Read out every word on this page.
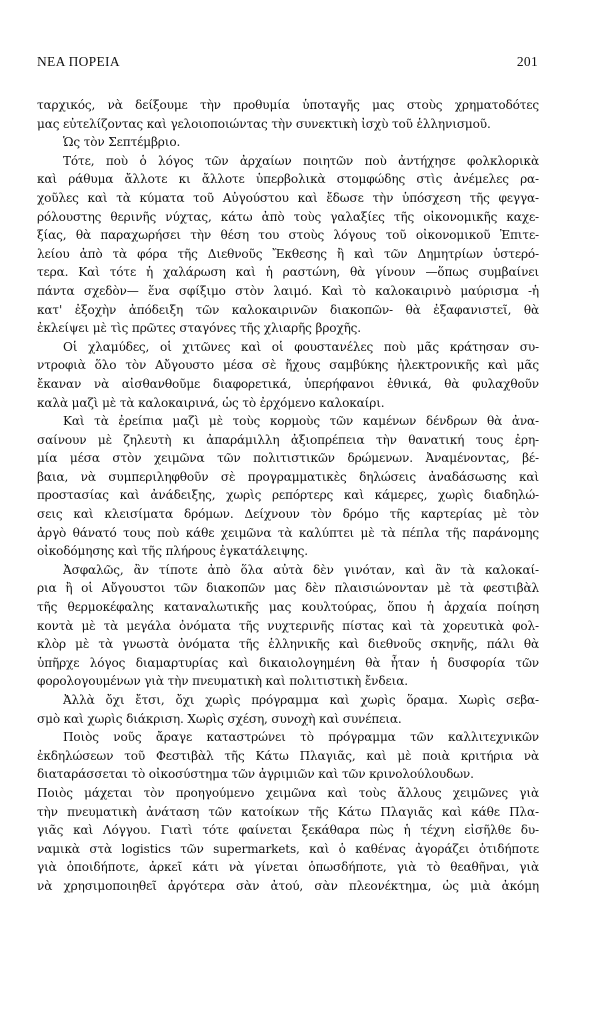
ΝΕΑ ΠΟΡΕΙΑ	201
ταρχικός, νὰ δείξουμε τὴν προθυμία ὑποταγῆς μας στοὺς χρηματοδότες
μας εὐτελίζοντας καὶ γελοιοποιώντας τὴν συνεκτικὴ ἰσχὺ τοῦ ἑλληνισμοῦ.
Ὡς τὸν Σεπτέμβριο.
Τότε, ποὺ ὁ λόγος τῶν ἀρχαίων ποιητῶν ποὺ ἀντήχησε φολκλορικὰ
καὶ ράθυμα ἄλλοτε κι ἄλλοτε ὑπερβολικὰ στομφώδης στὶς ἀνέμελες ρα-
χοῦλες καὶ τὰ κύματα τοῦ Αὐγούστου καὶ ἔδωσε τὴν ὑπόσχεση τῆς φεγγα-
ρόλουστης θερινῆς νύχτας, κάτω ἀπὸ τοὺς γαλαξίες τῆς οἰκονομικῆς καχε-
ξίας, θὰ παραχωρήσει τὴν θέση του στοὺς λόγους τοῦ οἰκονομικοῦ Ἐπιτε-
λείου ἀπὸ τὰ φόρα τῆς Διεθνοῦς Ἔκθεσης ἢ καὶ τῶν Δημητρίων ὑστερό-
τερα. Καὶ τότε ἡ χαλάρωση καὶ ἡ ραστώνη, θὰ γίνουν —ὅπως συμβαίνει
πάντα σχεδὸν— ἕνα σφίξιμο στὸν λαιμό. Καὶ τὸ καλοκαιρινὸ μαύρισμα -ἡ
κατ' ἐξοχὴν ἀπόδειξη τῶν καλοκαιρινῶν διακοπῶν- θὰ ἐξαφανιστεῖ, θὰ
ἐκλείψει μὲ τὶς πρῶτες σταγόνες τῆς χλιαρῆς βροχῆς.
Οἱ χλαμύδες, οἱ χιτῶνες καὶ οἱ φουστανέλες ποὺ μᾶς κράτησαν συ-
ντροφιὰ ὅλο τὸν Αὔγουστο μέσα σὲ ἤχους σαμβύκης ἠλεκτρονικῆς καὶ μᾶς
ἔκαναν νὰ αἰσθανθοῦμε διαφορετικά, ὑπερήφανοι ἐθνικά, θὰ φυλαχθοῦν
καλὰ μαζὶ μὲ τὰ καλοκαιρινά, ὡς τὸ ἐρχόμενο καλοκαίρι.
Καὶ τὰ ἐρείπια μαζὶ μὲ τοὺς κορμοὺς τῶν καμένων δένδρων θὰ ἀνα-
σαίνουν μὲ ζηλευτὴ κι ἀπαράμιλλη ἀξιοπρέπεια τὴν θανατική τους ἐρη-
μία μέσα στὸν χειμῶνα τῶν πολιτιστικῶν δρώμενων. Ἀναμένοντας, βέ-
βαια, νὰ συμπεριληφθοῦν σὲ προγραμματικὲς δηλώσεις ἀναδάσωσης καὶ
προστασίας καὶ ἀνάδειξης, χωρὶς ρεπόρτερς καὶ κάμερες, χωρὶς διαδηλώ-
σεις καὶ κλεισίματα δρόμων. Δείχνουν τὸν δρόμο τῆς καρτερίας μὲ τὸν
ἀργὸ θάνατό τους ποὺ κάθε χειμῶνα τὰ καλύπτει μὲ τὰ πέπλα τῆς παράνομης
οἰκοδόμησης καὶ τῆς πλήρους ἐγκατάλειψης.
Ἀσφαλῶς, ἂν τίποτε ἀπὸ ὅλα αὐτὰ δὲν γινόταν, καὶ ἂν τὰ καλοκαί-
ρια ἢ οἱ Αὔγουστοι τῶν διακοπῶν μας δὲν πλαισιώνονταν μὲ τὰ φεστιβὰλ
τῆς θερμοκέφαλης καταναλωτικῆς μας κουλτούρας, ὅπου ἡ ἀρχαία ποίηση
κοντὰ μὲ τὰ μεγάλα ὀνόματα τῆς νυχτερινῆς πίστας καὶ τὰ χορευτικὰ φολ-
κλὸρ μὲ τὰ γνωστὰ ὀνόματα τῆς ἑλληνικῆς καὶ διεθνοῦς σκηνῆς, πάλι θὰ
ὑπῆρχε λόγος διαμαρτυρίας καὶ δικαιολογημένη θὰ ἦταν ἡ δυσφορία τῶν
φορολογουμένων γιὰ τὴν πνευματικὴ καὶ πολιτιστικὴ ἔνδεια.
Ἀλλὰ ὄχι ἔτσι, ὄχι χωρὶς πρόγραμμα καὶ χωρὶς ὅραμα. Χωρὶς σεβα-
σμὸ καὶ χωρὶς διάκριση. Χωρὶς σχέση, συνοχὴ καὶ συνέπεια.
Ποιὸς νοῦς ἄραγε καταστρώνει τὸ πρόγραμμα τῶν καλλιτεχνικῶν
ἐκδηλώσεων τοῦ Φεστιβὰλ τῆς Κάτω Πλαγιᾶς, καὶ μὲ ποιὰ κριτήρια νὰ
διαταράσσεται τὸ οἰκοσύστημα τῶν ἀγριμιῶν καὶ τῶν κρινολούλουδων.
Ποιὸς μάχεται τὸν προηγούμενο χειμῶνα καὶ τοὺς ἄλλους χειμῶνες γιὰ
τὴν πνευματικὴ ἀνάταση τῶν κατοίκων τῆς Κάτω Πλαγιᾶς καὶ κάθε Πλα-
γιᾶς καὶ Λόγγου. Γιατὶ τότε φαίνεται ξεκάθαρα πὼς ἡ τέχνη εἰσῆλθε δυ-
ναμικὰ στὰ logistics τῶν supermarkets, καὶ ὁ καθένας ἀγοράζει ὁτιδήποτε
γιὰ ὁποιδήποτε, ἀρκεῖ κάτι νὰ γίνεται ὁπωσδήποτε, γιὰ τὸ θεαθῆναι, γιὰ
νὰ χρησιμοποιηθεῖ ἀργότερα σὰν ἀτού, σὰν πλεονέκτημα, ὡς μιὰ ἀκόμη
